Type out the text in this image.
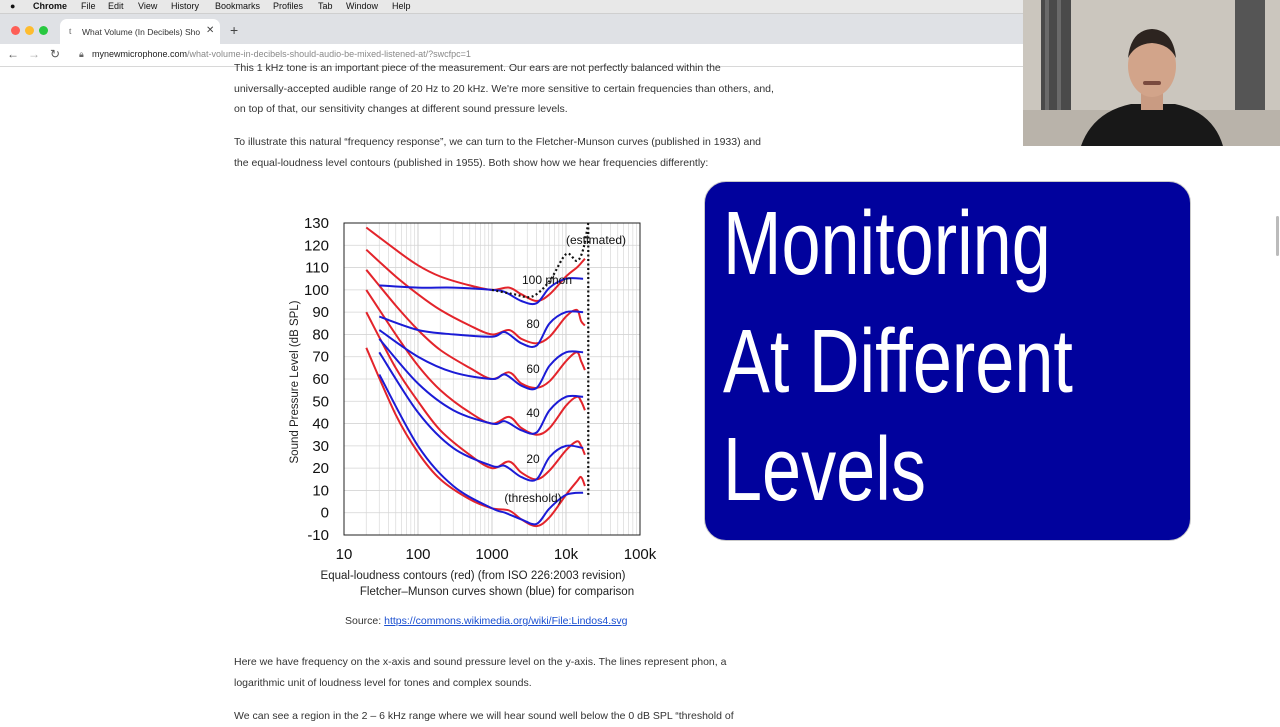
● Chrome File Edit View History Bookmarks Profiles Tab Window Help
t What Volume (In Decibels) Sho ✕ +
← → ↻ 🔒︎ mynewmicrophone.com/what-volume-in-decibels-should-audio-be-mixed-listened-at/?swcfpc=1

This 1 kHz tone is an important piece of the measurement. Our ears are not perfectly balanced within the universally-accepted audible range of 20 Hz to 20 kHz. We're more sensitive to certain frequencies than others, and, on top of that, our sensitivity changes at different sound pressure levels.

To illustrate this natural “frequency response”, we can turn to the Fletcher-Munson curves (published in 1933) and the equal-loudness level contours (published in 1955). Both show how we hear frequencies differently:

130
120
110
100
90
80
70
60
50
40
30
20
10
0
-10
10	100	1000	10k	100k
(estimated)
100 phon
80
60
40
20
(threshold)
Sound Pressure Level (dB SPL)
Equal-loudness contours (red) (from ISO 226:2003 revision)
Fletcher–Munson curves shown (blue) for comparison
Source: https://commons.wikimedia.org/wiki/File:Lindos4.svg

Here we have frequency on the x-axis and sound pressure level on the y-axis. The lines represent phon, a logarithmic unit of loudness level for tones and complex sounds.

We can see a region in the 2 – 6 kHz range where we will hear sound well below the 0 dB SPL “threshold of

Monitoring
At Different
Levels
